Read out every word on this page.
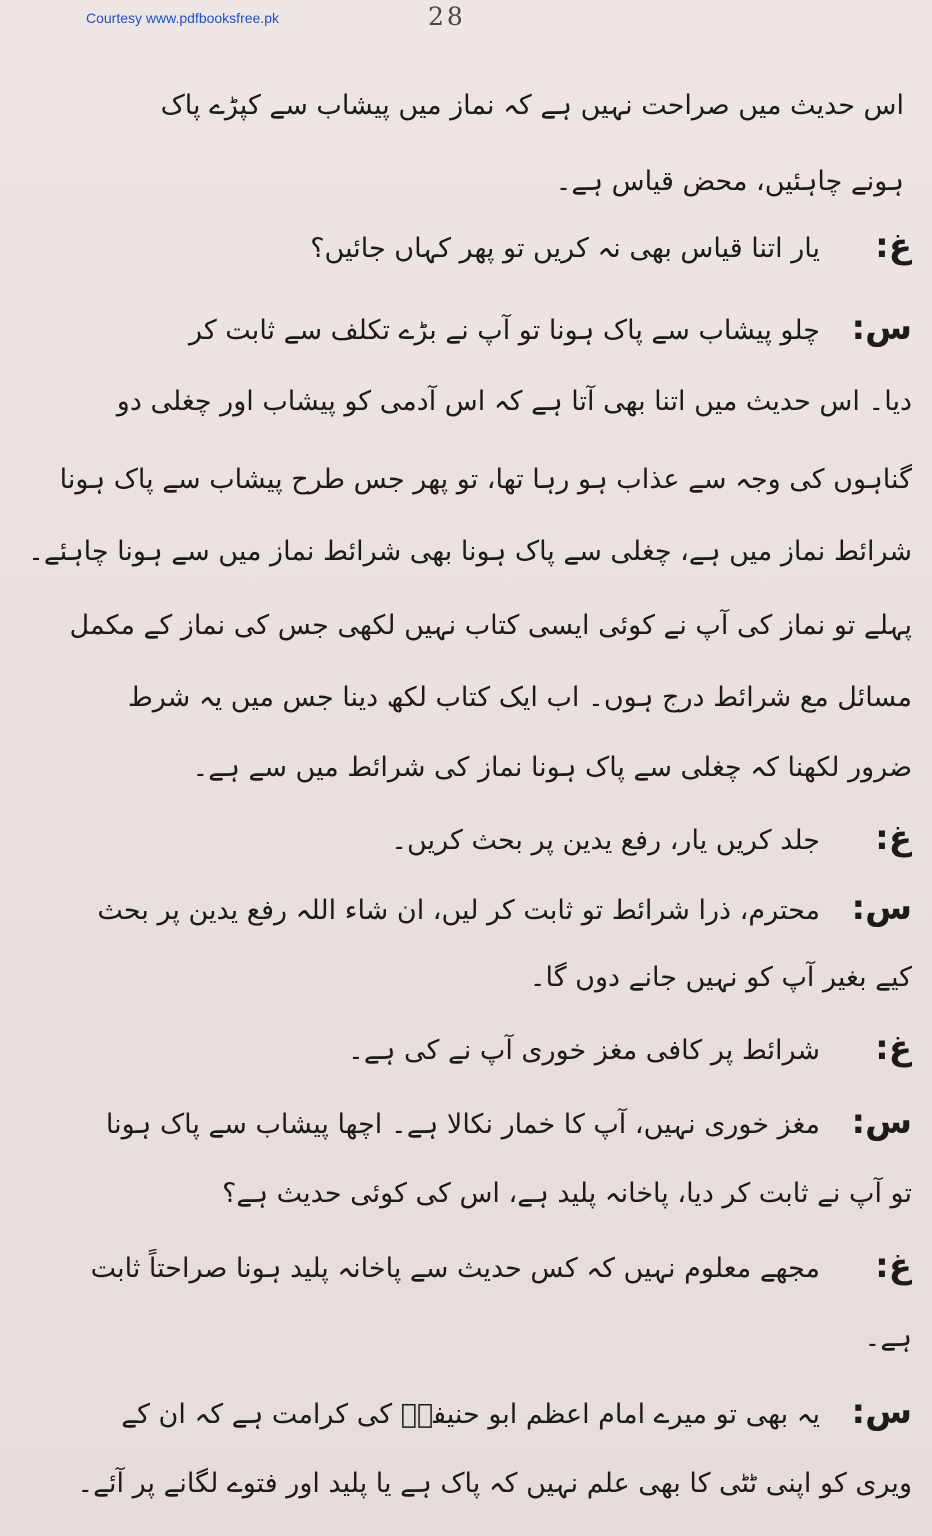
Courtesy www.pdfbooksfree.pk	28
اس حدیث میں صراحت نہیں ہے کہ نماز میں پیشاب سے کپڑے پاک
ہونے چاہئیں، محض قیاس ہے۔
غ:یار اتنا قیاس بھی نہ کریں تو پھر کہاں جائیں؟
س:چلو پیشاب سے پاک ہونا تو آپ نے بڑے تکلف سے ثابت کر
دیا۔ اس حدیث میں اتنا بھی آتا ہے کہ اس آدمی کو پیشاب اور چغلی دو
گناہوں کی وجہ سے عذاب ہو رہا تھا، تو پھر جس طرح پیشاب سے پاک ہونا
شرائط نماز میں ہے، چغلی سے پاک ہونا بھی شرائط نماز میں سے ہونا چاہئے۔
پہلے تو نماز کی آپ نے کوئی ایسی کتاب نہیں لکھی جس کی نماز کے مکمل
مسائل مع شرائط درج ہوں۔ اب ایک کتاب لکھ دینا جس میں یہ شرط
ضرور لکھنا کہ چغلی سے پاک ہونا نماز کی شرائط میں سے ہے۔
غ:جلد کریں یار، رفع یدین پر بحث کریں۔
س:محترم، ذرا شرائط تو ثابت کر لیں، ان شاء اللہ رفع یدین پر بحث
کیے بغیر آپ کو نہیں جانے دوں گا۔
غ:شرائط پر کافی مغز خوری آپ نے کی ہے۔
س:مغز خوری نہیں، آپ کا خمار نکالا ہے۔ اچھا پیشاب سے پاک ہونا
تو آپ نے ثابت کر دیا، پاخانہ پلید ہے، اس کی کوئی حدیث ہے؟
غ:مجھے معلوم نہیں کہ کس حدیث سے پاخانہ پلید ہونا صراحتاً ثابت
ہے۔
س:یہ بھی تو میرے امام اعظم ابو حنیفہؒ کی کرامت ہے کہ ان کے
ویری کو اپنی ٹٹی کا بھی علم نہیں کہ پاک ہے یا پلید اور فتوے لگانے پر آئے۔
